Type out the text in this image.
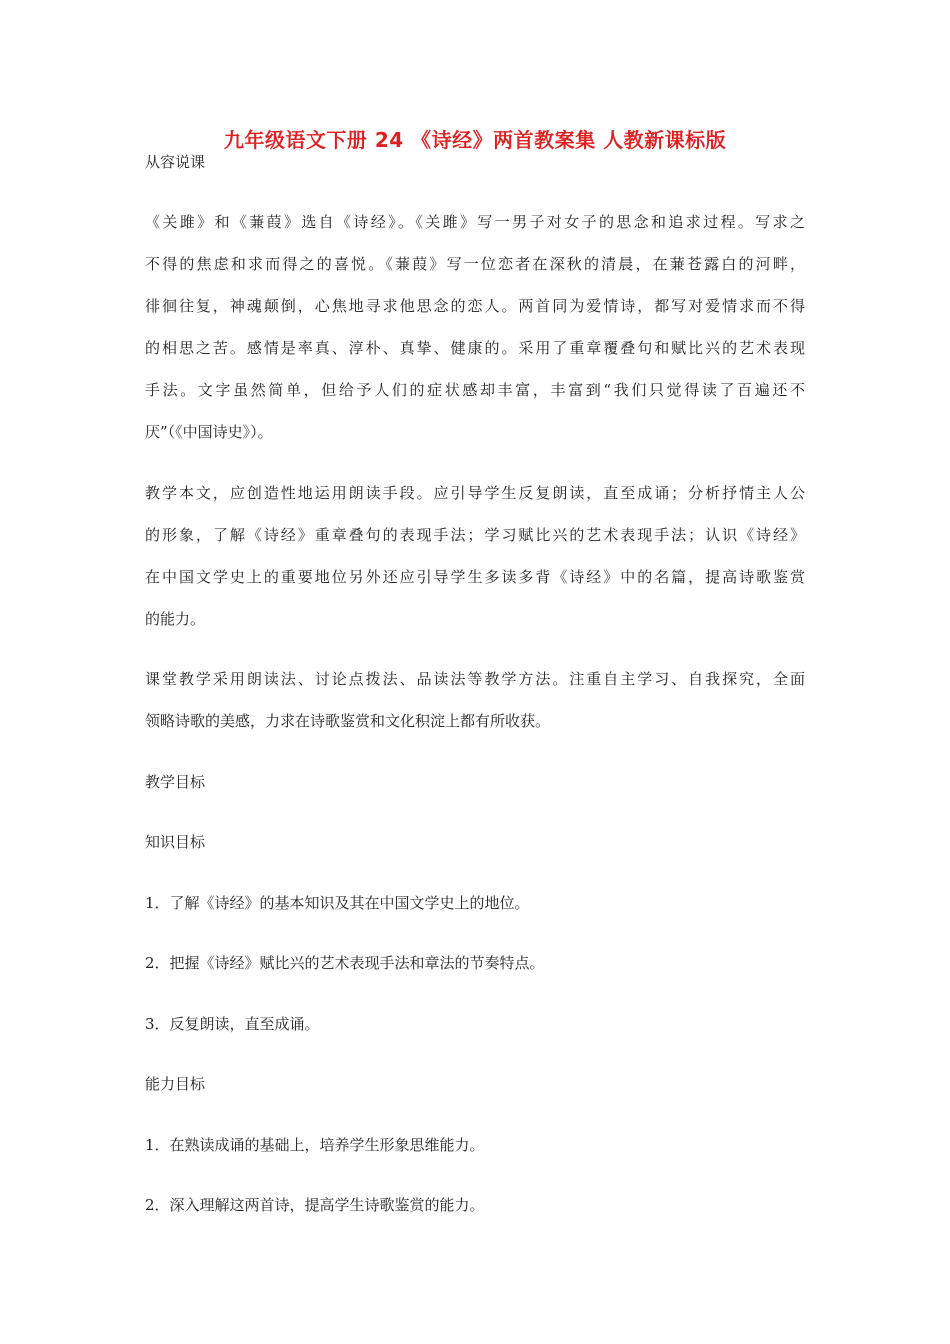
九年级语文下册 24 《诗经》两首教案集 人教新课标版
从容说课
《关雎》和《蒹葭》选自《诗经》。《关雎》写一男子对女子的思念和追求过程。写求之
不得的焦虑和求而得之的喜悦。《蒹葭》写一位恋者在深秋的清晨，在蒹苍露白的河畔，
徘徊往复，神魂颠倒，心焦地寻求他思念的恋人。两首同为爱情诗，都写对爱情求而不得
的相思之苦。感情是率真、淳朴、真挚、健康的。采用了重章覆叠句和赋比兴的艺术表现
手法。文字虽然简单，但给予人们的症状感却丰富，丰富到“我们只觉得读了百遍还不
厌”（《中国诗史》）。
教学本文，应创造性地运用朗读手段。应引导学生反复朗读，直至成诵；分析抒情主人公
的形象，了解《诗经》重章叠句的表现手法；学习赋比兴的艺术表现手法；认识《诗经》
在中国文学史上的重要地位另外还应引导学生多读多背《诗经》中的名篇，提高诗歌鉴赏
的能力。
课堂教学采用朗读法、讨论点拨法、品读法等教学方法。注重自主学习、自我探究，全面
领略诗歌的美感，力求在诗歌鉴赏和文化积淀上都有所收获。
教学目标
知识目标
1．了解《诗经》的基本知识及其在中国文学史上的地位。
2．把握《诗经》赋比兴的艺术表现手法和章法的节奏特点。
3．反复朗读，直至成诵。
能力目标
1．在熟读成诵的基础上，培养学生形象思维能力。
2．深入理解这两首诗，提高学生诗歌鉴赏的能力。
